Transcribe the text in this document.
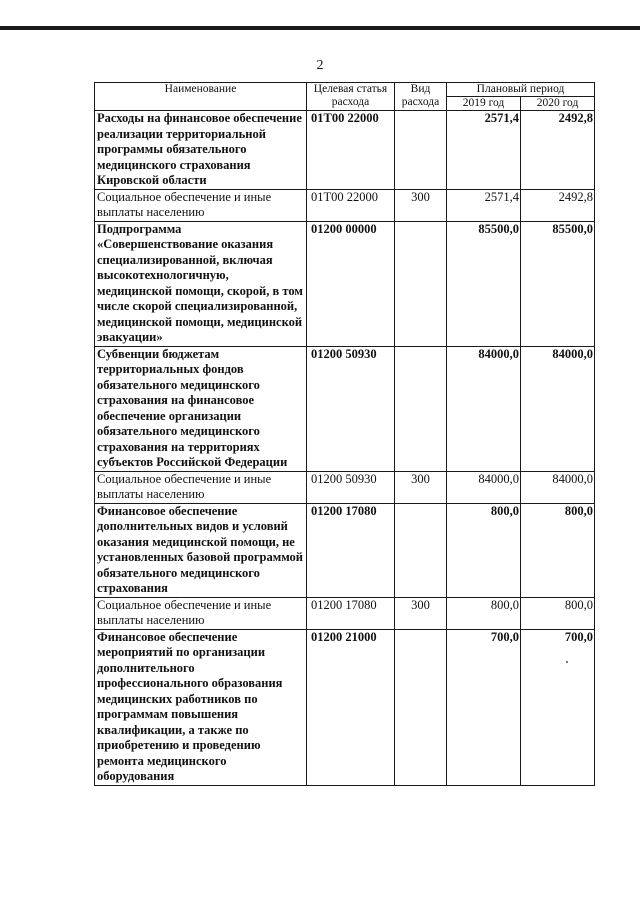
2
Наименование	Целевая статья расхода	Вид расхода	Плановый период	
			2019 год	2020 год
Расходы на финансовое обеспечение реализации территориальной программы обязательного медицинского страхования Кировской области	01Т00 22000		2571,4	2492,8
Социальное обеспечение и иные выплаты населению	01Т00 22000	300	2571,4	2492,8
Подпрограмма «Совершенствование оказания специализированной, включая высокотехнологичную, медицинской помощи, скорой, в том числе скорой специализированной, медицинской помощи, медицинской эвакуации»	01200 00000		85500,0	85500,0
Субвенции бюджетам территориальных фондов обязательного медицинского страхования на финансовое обеспечение организации обязательного медицинского страхования на территориях субъектов Российской Федерации	01200 50930		84000,0	84000,0
Социальное обеспечение и иные выплаты населению	01200 50930	300	84000,0	84000,0
Финансовое обеспечение дополнительных видов и условий оказания медицинской помощи, не установленных базовой программой обязательного медицинского страхования	01200 17080		800,0	800,0
Социальное обеспечение и иные выплаты населению	01200 17080	300	800,0	800,0
Финансовое обеспечение мероприятий по организации дополнительного профессионального образования медицинских работников по программам повышения квалификации, а также по приобретению и проведению ремонта медицинского оборудования	01200 21000		700,0	700,0
